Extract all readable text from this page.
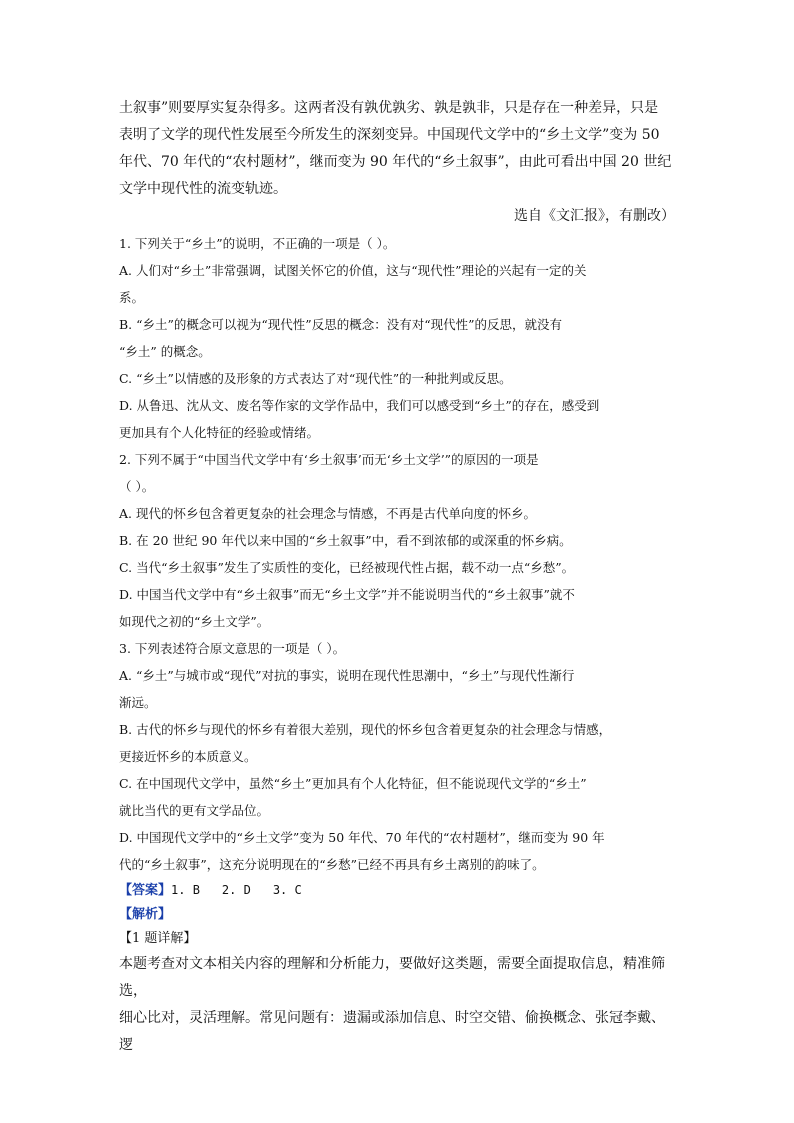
土叙事”则要厚实复杂得多。这两者没有孰优孰劣、孰是孰非，只是存在一种差异，只是

表明了文学的现代性发展至今所发生的深刻变异。中国现代文学中的“乡土文学”变为 50

年代、70 年代的“农村题材”，继而变为 90 年代的“乡土叙事”，由此可看出中国 20 世纪

文学中现代性的流变轨迹。

选自《文汇报》，有删改）

1. 下列关于“乡土”的说明，不正确的一项是（ ）。

A. 人们对“乡土”非常强调，试图关怀它的价值，这与“现代性”理论的兴起有一定的关

系。

B. “乡土”的概念可以视为“现代性”反思的概念：没有对“现代性”的反思，就没有

“乡土” 的概念。

C. “乡土”以情感的及形象的方式表达了对“现代性”的一种批判或反思。

D. 从鲁迅、沈从文、废名等作家的文学作品中，我们可以感受到“乡土”的存在，感受到

更加具有个人化特征的经验或情绪。

2. 下列不属于“中国当代文学中有‘乡土叙事’而无‘乡土文学’”的原因的一项是

（ ）。

A. 现代的怀乡包含着更复杂的社会理念与情感，不再是古代单向度的怀乡。

B. 在 20 世纪 90 年代以来中国的“乡土叙事”中，看不到浓郁的或深重的怀乡病。

C. 当代“乡土叙事”发生了实质性的变化，已经被现代性占据，载不动一点“乡愁”。

D. 中国当代文学中有“乡土叙事”而无“乡土文学”并不能说明当代的“乡土叙事”就不

如现代之初的“乡土文学”。

3. 下列表述符合原文意思的一项是（ ）。

A. “乡土”与城市或“现代”对抗的事实，说明在现代性思潮中，“乡土”与现代性渐行

渐远。

B. 古代的怀乡与现代的怀乡有着很大差别，现代的怀乡包含着更复杂的社会理念与情感，

更接近怀乡的本质意义。

C. 在中国现代文学中，虽然“乡土”更加具有个人化特征，但不能说现代文学的“乡土”

就比当代的更有文学品位。

D. 中国现代文学中的“乡土文学”变为 50 年代、70 年代的“农村题材”，继而变为 90 年

代的“乡土叙事”，这充分说明现在的“乡愁”已经不再具有乡土离别的韵味了。

【答案】1. B 2. D 3. C

【解析】

【1 题详解】

本题考查对文本相关内容的理解和分析能力，要做好这类题，需要全面提取信息，精准筛选，

细心比对，灵活理解。常见问题有：遗漏或添加信息、时空交错、偷换概念、张冠李戴、逻
